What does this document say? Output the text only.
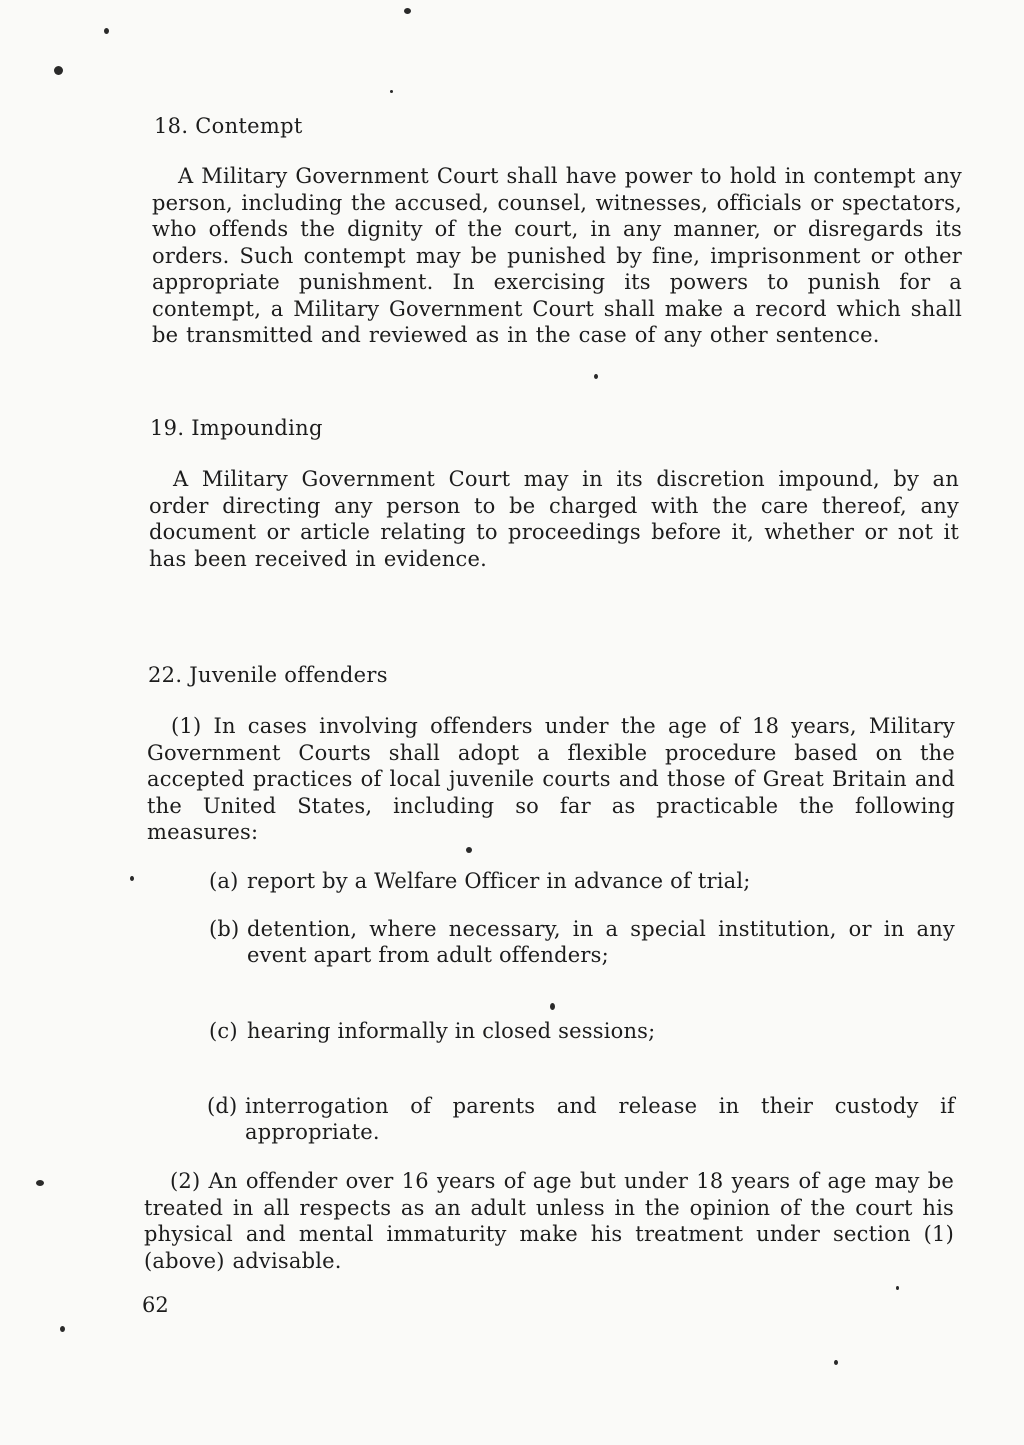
18. Contempt
A Military Government Court shall have power to hold in contempt any person, including the accused, counsel, witnesses, officials or spectators, who offends the dignity of the court, in any manner, or disregards its orders. Such contempt may be punished by fine, imprisonment or other appropriate punishment. In exercising its powers to punish for a contempt, a Military Government Court shall make a record which shall be transmitted and reviewed as in the case of any other sentence.
19. Impounding
A Military Government Court may in its discretion impound, by an order directing any person to be charged with the care thereof, any document or article relating to proceedings before it, whether or not it has been received in evidence.
22. Juvenile offenders
(1) In cases involving offenders under the age of 18 years, Military Government Courts shall adopt a flexible procedure based on the accepted practices of local juvenile courts and those of Great Britain and the United States, including so far as practicable the following measures:
(a) report by a Welfare Officer in advance of trial;
(b) detention, where necessary, in a special institution, or in any event apart from adult offenders;
(c) hearing informally in closed sessions;
(d) interrogation of parents and release in their custody if appropriate.
(2) An offender over 16 years of age but under 18 years of age may be treated in all respects as an adult unless in the opinion of the court his physical and mental immaturity make his treatment under section (1) (above) advisable.
62
